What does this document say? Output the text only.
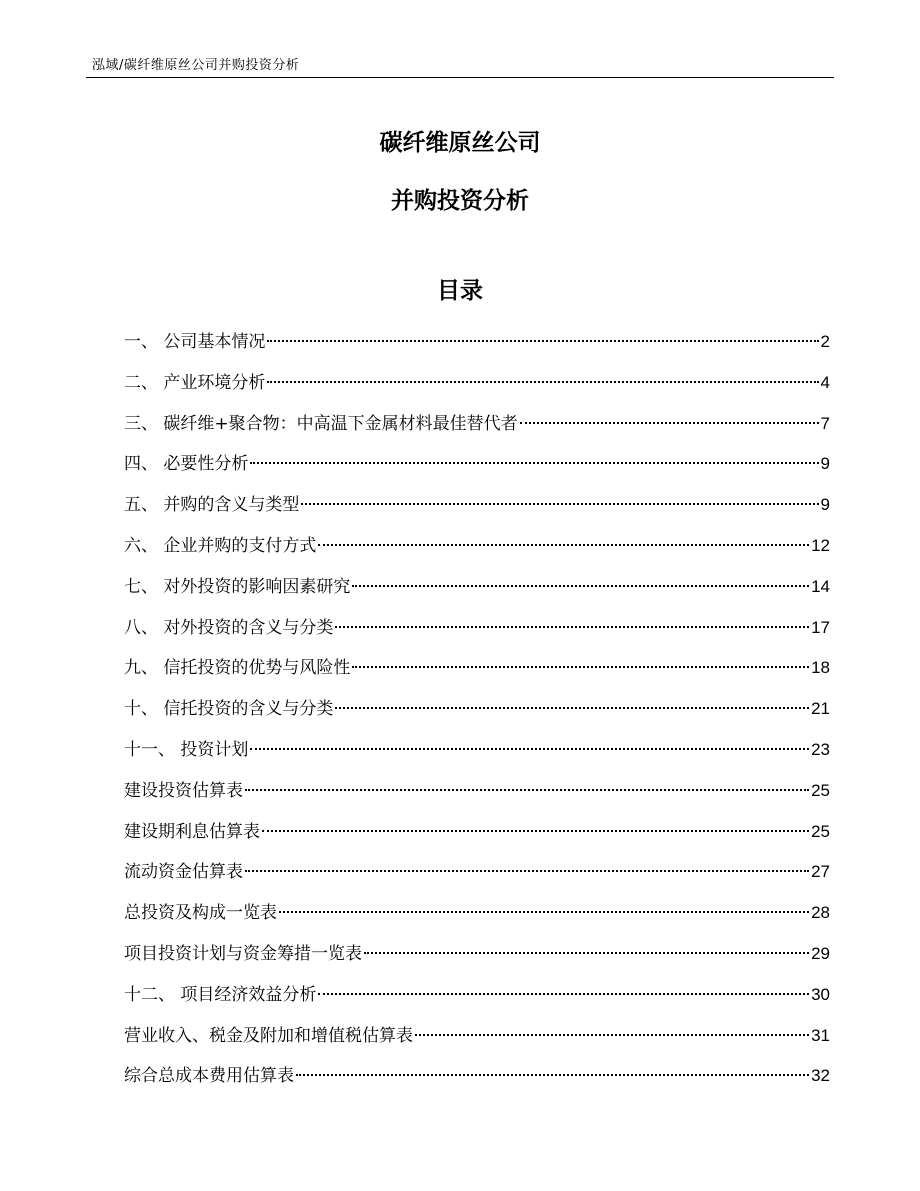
泓域/碳纤维原丝公司并购投资分析
碳纤维原丝公司
并购投资分析
目录
一、 公司基本情况	2
二、 产业环境分析	4
三、 碳纤维+聚合物：中高温下金属材料最佳替代者	7
四、 必要性分析	9
五、 并购的含义与类型	9
六、 企业并购的支付方式	12
七、 对外投资的影响因素研究	14
八、 对外投资的含义与分类	17
九、 信托投资的优势与风险性	18
十、 信托投资的含义与分类	21
十一、 投资计划	23
建设投资估算表	25
建设期利息估算表	25
流动资金估算表	27
总投资及构成一览表	28
项目投资计划与资金筹措一览表	29
十二、 项目经济效益分析	30
营业收入、税金及附加和增值税估算表	31
综合总成本费用估算表	32
